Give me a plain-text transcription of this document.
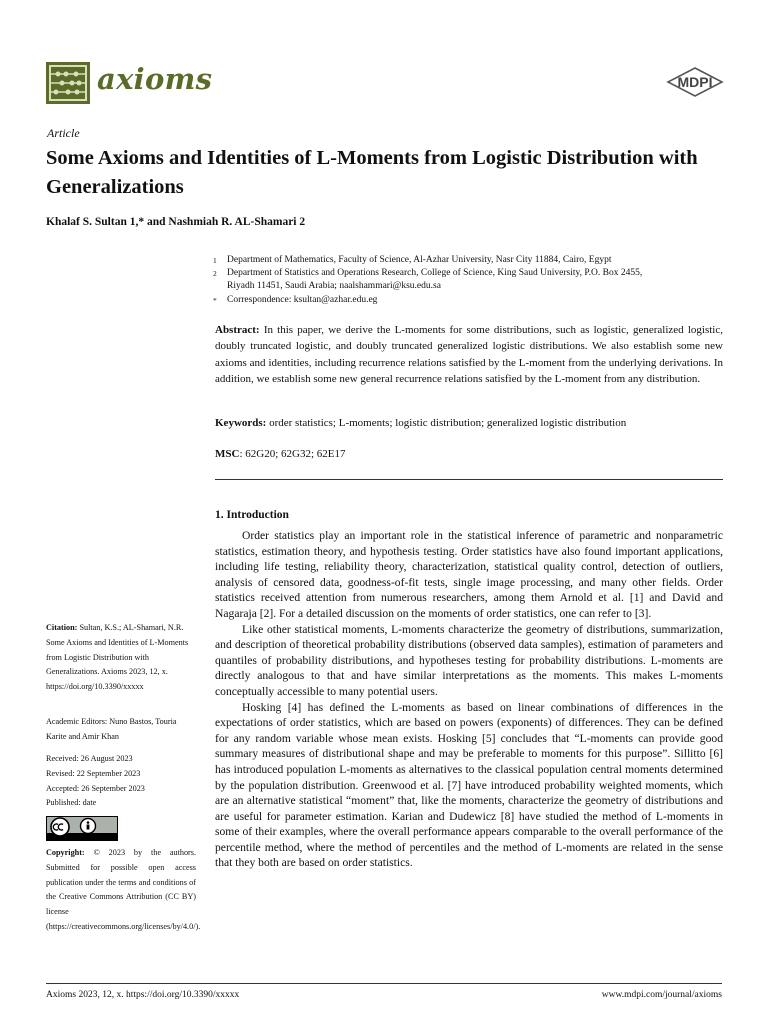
axioms	MDPI
Article
Some Axioms and Identities of L-Moments from Logistic Distribution with Generalizations
Khalaf S. Sultan 1,* and Nashmiah R. AL-Shamari 2
1	Department of Mathematics, Faculty of Science, Al-Azhar University, Nasr City 11884, Cairo, Egypt
2	Department of Statistics and Operations Research, College of Science, King Saud University, P.O. Box 2455, Riyadh 11451, Saudi Arabia; naalshammari@ksu.edu.sa
*	Correspondence: ksultan@azhar.edu.eg
Abstract: In this paper, we derive the L-moments for some distributions, such as logistic, generalized logistic, doubly truncated logistic, and doubly truncated generalized logistic distributions. We also establish some new axioms and identities, including recurrence relations satisfied by the L-moment from the underlying derivations. In addition, we establish some new general recurrence relations satisfied by the L-moment from any distribution.
Keywords: order statistics; L-moments; logistic distribution; generalized logistic distribution
MSC: 62G20; 62G32; 62E17
1. Introduction

Order statistics play an important role in the statistical inference of parametric and nonparametric statistics, estimation theory, and hypothesis testing. Order statistics have also found important applications, including life testing, reliability theory, characterization, statistical quality control, detection of outliers, analysis of censored data, goodness-of-fit tests, single image processing, and many other fields. Order statistics received attention from numerous researchers, among them Arnold et al. [1] and David and Nagaraja [2]. For a detailed discussion on the moments of order statistics, one can refer to [3].

Like other statistical moments, L-moments characterize the geometry of distributions, summarization, and description of theoretical probability distributions (observed data samples), estimation of parameters and quantiles of probability distributions, and hypotheses testing for probability distributions. L-moments are directly analogous to that and have similar interpretations as the moments. This makes L-moments conceptually accessible to many potential users.

Hosking [4] has defined the L-moments as based on linear combinations of differences in the expectations of order statistics, which are based on powers (exponents) of differences. They can be defined for any random variable whose mean exists. Hosking [5] concludes that “L-moments can provide good summary measures of distributional shape and may be preferable to moments for this purpose”. Sillitto [6] has introduced population L-moments as alternatives to the classical population central moments determined by the population distribution. Greenwood et al. [7] have introduced probability weighted moments, which are an alternative statistical “moment” that, like the moments, characterize the geometry of distributions and are useful for parameter estimation. Karian and Dudewicz [8] have studied the method of L-moments in some of their examples, where the overall performance appears comparable to the overall performance of the percentile method, where the method of percentiles and the method of L-moments are related in the sense that they both are based on order statistics.

Citation: Sultan, K.S.; AL-Shamari, N.R. Some Axioms and Identities of L-Moments from Logistic Distribution with Generalizations. Axioms 2023, 12, x. https://doi.org/10.3390/xxxxx
Academic Editors: Nuno Bastos, Touria Karite and Amir Khan
Received: 26 August 2023
Revised: 22 September 2023
Accepted: 26 September 2023
Published: date
Copyright: © 2023 by the authors. Submitted for possible open access publication under the terms and conditions of the Creative Commons Attribution (CC BY) license (https://creativecommons.org/licenses/by/4.0/).
Axioms 2023, 12, x. https://doi.org/10.3390/xxxxx	www.mdpi.com/journal/axioms
